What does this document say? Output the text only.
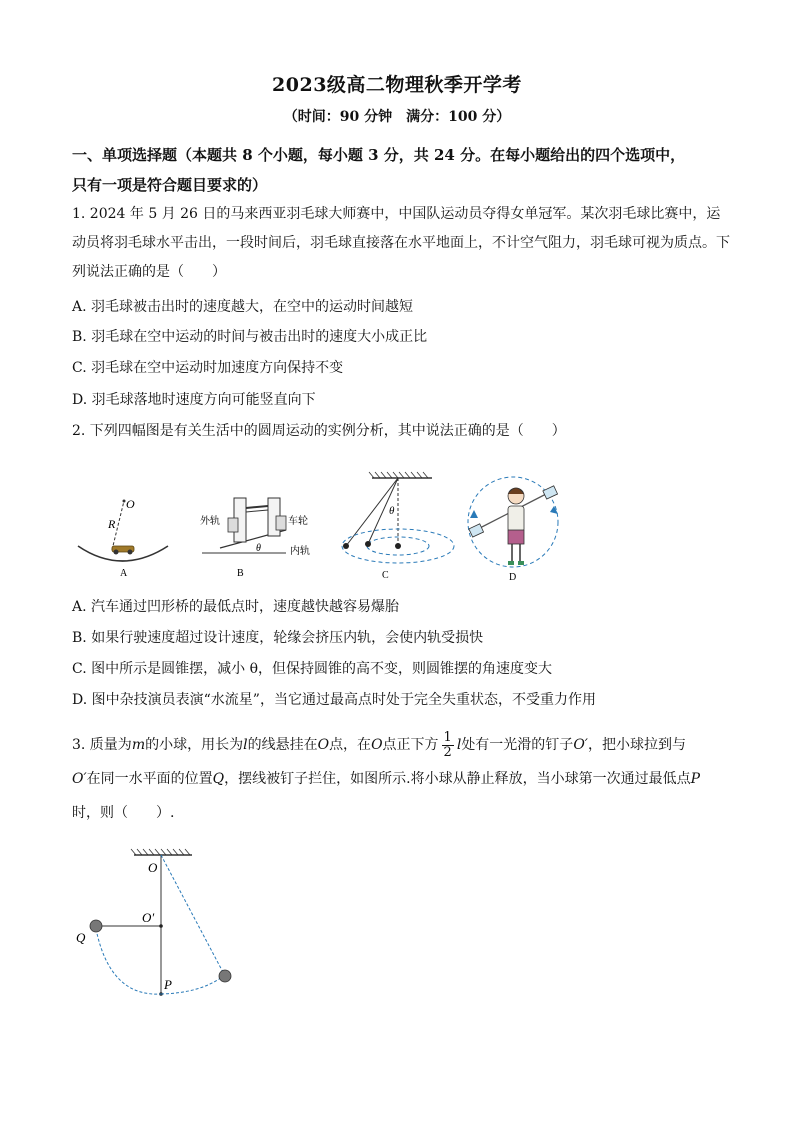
2023级高二物理秋季开学考
（时间：90 分钟　满分：100 分）
一、单项选择题（本题共 8 个小题，每小题 3 分，共 24 分。在每小题给出的四个选项中，
只有一项是符合题目要求的）
1. 2024 年 5 月 26 日的马来西亚羽毛球大师赛中，中国队运动员夺得女单冠军。某次羽毛球比赛中，运动员将羽毛球水平击出，一段时间后，羽毛球直接落在水平地面上，不计空气阻力，羽毛球可视为质点。下列说法正确的是（　　）
A. 羽毛球被击出时的速度越大，在空中的运动时间越短
B. 羽毛球在空中运动的时间与被击出时的速度大小成正比
C. 羽毛球在空中运动时加速度方向保持不变
D. 羽毛球落地时速度方向可能竖直向下
2. 下列四幅图是有关生活中的圆周运动的实例分析，其中说法正确的是（　　）
O
R
A
外轨	车轮
内轨
θ
B
θ
C	D
A. 汽车通过凹形桥的最低点时，速度越快越容易爆胎
B. 如果行驶速度超过设计速度，轮缘会挤压内轨，会使内轨受损快
C. 图中所示是圆锥摆，减小 θ，但保持圆锥的高不变，则圆锥摆的角速度变大
D. 图中杂技演员表演“水流星”，当它通过最高点时处于完全失重状态，不受重力作用
3. 质量为m的小球，用长为l的线悬挂在O点，在O点正下方 $\frac{1}{2}$ l处有一光滑的钉子O′，把小球拉到与
O′在同一水平面的位置Q，摆线被钉子拦住，如图所示.将小球从静止释放，当小球第一次通过最低点P
时，则（　　）.
O
O′
Q
P
